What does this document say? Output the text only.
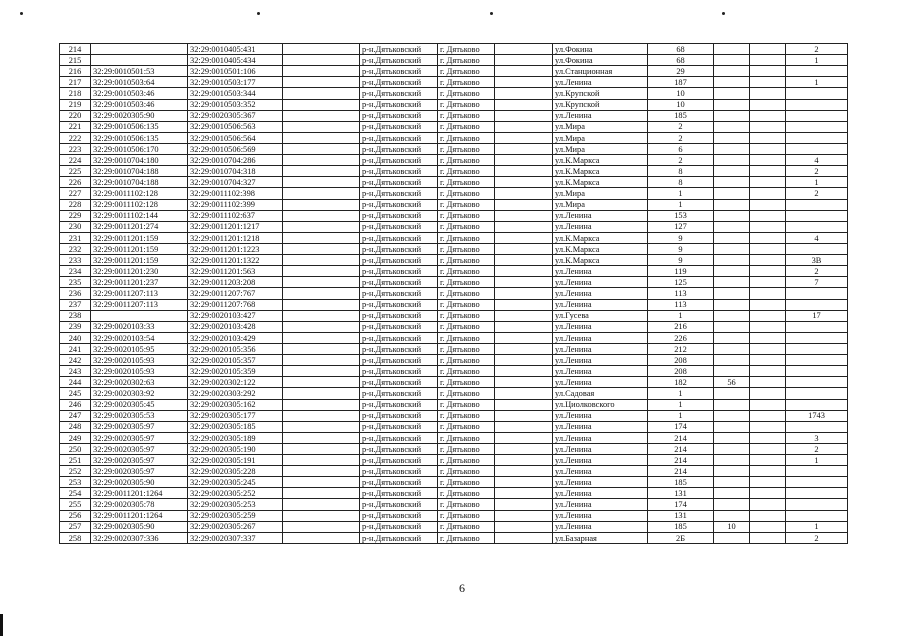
214		32:29:0010405:431		р-н.Дятьковский	г. Дятьково		ул.Фокина	68			2
215		32:29:0010405:434		р-н.Дятьковский	г. Дятьково		ул.Фокина	68			1
216	32:29:0010501:53	32:29:0010501:106		р-н.Дятьковский	г. Дятьково		ул.Станционная	29			
217	32:29:0010503:64	32:29:0010503:177		р-н.Дятьковский	г. Дятьково		ул.Ленина	187			1
218	32:29:0010503:46	32:29:0010503:344		р-н.Дятьковский	г. Дятьково		ул.Крупской	10			
219	32:29:0010503:46	32:29:0010503:352		р-н.Дятьковский	г. Дятьково		ул.Крупской	10			
220	32:29:0020305:90	32:29:0020305:367		р-н.Дятьковский	г. Дятьково		ул.Ленина	185			
221	32:29:0010506:135	32:29:0010506:563		р-н.Дятьковский	г. Дятьково		ул.Мира	2			
222	32:29:0010506:135	32:29:0010506:564		р-н.Дятьковский	г. Дятьково		ул.Мира	2			
223	32:29:0010506:170	32:29:0010506:569		р-н.Дятьковский	г. Дятьково		ул.Мира	6			
224	32:29:0010704:180	32:29:0010704:286		р-н.Дятьковский	г. Дятьково		ул.К.Маркса	2			4
225	32:29:0010704:188	32:29:0010704:318		р-н.Дятьковский	г. Дятьково		ул.К.Маркса	8			2
226	32:29:0010704:188	32:29:0010704:327		р-н.Дятьковский	г. Дятьково		ул.К.Маркса	8			1
227	32:29:0011102:128	32:29:0011102:398		р-н.Дятьковский	г. Дятьково		ул.Мира	1			2
228	32:29:0011102:128	32:29:0011102:399		р-н.Дятьковский	г. Дятьково		ул.Мира	1			
229	32:29:0011102:144	32:29:0011102:637		р-н.Дятьковский	г. Дятьково		ул.Ленина	153			
230	32:29:0011201:274	32:29:0011201:1217		р-н.Дятьковский	г. Дятьково		ул.Ленина	127			
231	32:29:0011201:159	32:29:0011201:1218		р-н.Дятьковский	г. Дятьково		ул.К.Маркса	9			4
232	32:29:0011201:159	32:29:0011201:1223		р-н.Дятьковский	г. Дятьково		ул.К.Маркса	9			
233	32:29:0011201:159	32:29:0011201:1322		р-н.Дятьковский	г. Дятьково		ул.К.Маркса	9			3В
234	32:29:0011201:230	32:29:0011201:563		р-н.Дятьковский	г. Дятьково		ул.Ленина	119			2
235	32:29:0011201:237	32:29:0011203:208		р-н.Дятьковский	г. Дятьково		ул.Ленина	125			7
236	32:29:0011207:113	32:29:0011207:767		р-н.Дятьковский	г. Дятьково		ул.Ленина	113			
237	32:29:0011207:113	32:29:0011207:768		р-н.Дятьковский	г. Дятьково		ул.Ленина	113			
238		32:29:0020103:427		р-н.Дятьковский	г. Дятьково		ул.Гусева	1			17
239	32:29:0020103:33	32:29:0020103:428		р-н.Дятьковский	г. Дятьково		ул.Ленина	216			
240	32:29:0020103:54	32:29:0020103:429		р-н.Дятьковский	г. Дятьково		ул.Ленина	226			
241	32:29:0020105:95	32:29:0020105:356		р-н.Дятьковский	г. Дятьково		ул.Ленина	212			
242	32:29:0020105:93	32:29:0020105:357		р-н.Дятьковский	г. Дятьково		ул.Ленина	208			
243	32:29:0020105:93	32:29:0020105:359		р-н.Дятьковский	г. Дятьково		ул.Ленина	208			
244	32:29:0020302:63	32:29:0020302:122		р-н.Дятьковский	г. Дятьково		ул.Ленина	182	56		
245	32:29:0020303:92	32:29:0020303:292		р-н.Дятьковский	г. Дятьково		ул.Садовая	1			
246	32:29:0020305:45	32:29:0020305:162		р-н.Дятьковский	г. Дятьково		ул.Циолковского	1			
247	32:29:0020305:53	32:29:0020305:177		р-н.Дятьковский	г. Дятьково		ул.Ленина	1			1743
248	32:29:0020305:97	32:29:0020305:185		р-н.Дятьковский	г. Дятьково		ул.Ленина	174			
249	32:29:0020305:97	32:29:0020305:189		р-н.Дятьковский	г. Дятьково		ул.Ленина	214			3
250	32:29:0020305:97	32:29:0020305:190		р-н.Дятьковский	г. Дятьково		ул.Ленина	214			2
251	32:29:0020305:97	32:29:0020305:191		р-н.Дятьковский	г. Дятьково		ул.Ленина	214			1
252	32:29:0020305:97	32:29:0020305:228		р-н.Дятьковский	г. Дятьково		ул.Ленина	214			
253	32:29:0020305:90	32:29:0020305:245		р-н.Дятьковский	г. Дятьково		ул.Ленина	185			
254	32:29:0011201:1264	32:29:0020305:252		р-н.Дятьковский	г. Дятьково		ул.Ленина	131			
255	32:29:0020305:78	32:29:0020305:253		р-н.Дятьковский	г. Дятьково		ул.Ленина	174			
256	32:29:0011201:1264	32:29:0020305:259		р-н.Дятьковский	г. Дятьково		ул.Ленина	131			
257	32:29:0020305:90	32:29:0020305:267		р-н.Дятьковский	г. Дятьково		ул.Ленина	185	10		1
258	32:29:0020307:336	32:29:0020307:337		р-н.Дятьковский	г. Дятьково		ул.Базарная	2Б			2
6
